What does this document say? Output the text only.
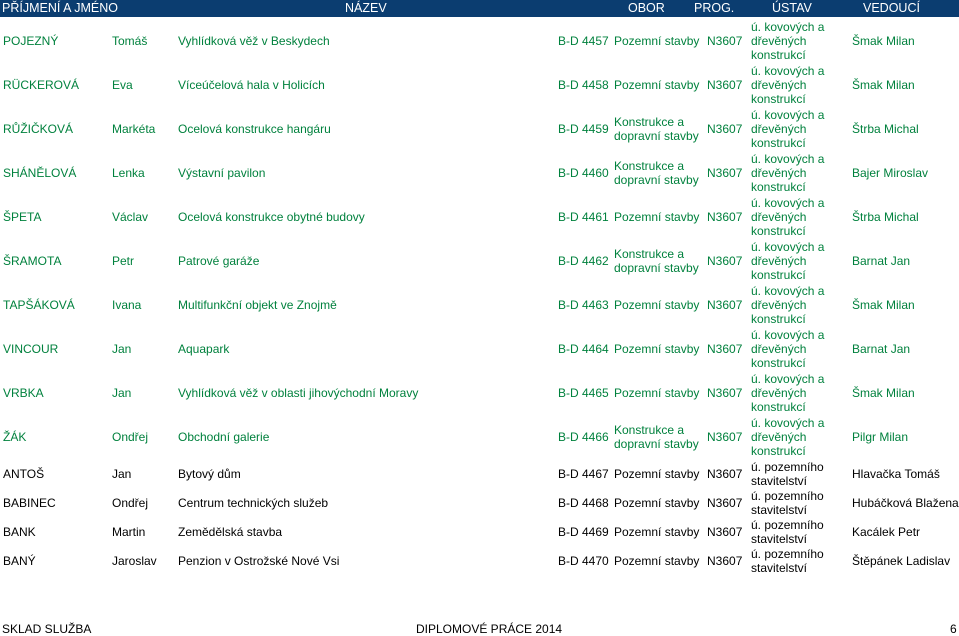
PŘÍJMENÍ A JMÉNO	NÁZEV	OBOR PROG.	ÚSTAV	VEDOUCÍ
POJEZNÝ	Tomáš	Vyhlídková věž v Beskydech	B-D 4457	Pozemní stavby	N3607	ú. kovových a dřevěných konstrukcí	Šmak Milan
RÜCKEROVÁ	Eva	Víceúčelová hala v Holicích	B-D 4458	Pozemní stavby	N3607	ú. kovových a dřevěných konstrukcí	Šmak Milan
RŮŽIČKOVÁ	Markéta	Ocelová konstrukce hangáru	B-D 4459	Konstrukce a dopravní stavby	N3607	ú. kovových a dřevěných konstrukcí	Štrba Michal
SHÁNĚLOVÁ	Lenka	Výstavní pavilon	B-D 4460	Konstrukce a dopravní stavby	N3607	ú. kovových a dřevěných konstrukcí	Bajer Miroslav
ŠPETA	Václav	Ocelová konstrukce obytné budovy	B-D 4461	Pozemní stavby	N3607	ú. kovových a dřevěných konstrukcí	Štrba Michal
ŠRAMOTA	Petr	Patrové garáže	B-D 4462	Konstrukce a dopravní stavby	N3607	ú. kovových a dřevěných konstrukcí	Barnat Jan
TAPŠÁKOVÁ	Ivana	Multifunkční objekt ve Znojmě	B-D 4463	Pozemní stavby	N3607	ú. kovových a dřevěných konstrukcí	Šmak Milan
VINCOUR	Jan	Aquapark	B-D 4464	Pozemní stavby	N3607	ú. kovových a dřevěných konstrukcí	Barnat Jan
VRBKA	Jan	Vyhlídková věž v oblasti jihovýchodní Moravy	B-D 4465	Pozemní stavby	N3607	ú. kovových a dřevěných konstrukcí	Šmak Milan
ŽÁK	Ondřej	Obchodní galerie	B-D 4466	Konstrukce a dopravní stavby	N3607	ú. kovových a dřevěných konstrukcí	Pilgr Milan
ANTOŠ	Jan	Bytový dům	B-D 4467	Pozemní stavby	N3607	ú. pozemního stavitelství	Hlavačka Tomáš
BABINEC	Ondřej	Centrum technických služeb	B-D 4468	Pozemní stavby	N3607	ú. pozemního stavitelství	Hubáčková Blažena
BANK	Martin	Zemědělská stavba	B-D 4469	Pozemní stavby	N3607	ú. pozemního stavitelství	Kacálek Petr
BANÝ	Jaroslav	Penzion v Ostrožské Nové Vsi	B-D 4470	Pozemní stavby	N3607	ú. pozemního stavitelství	Štěpánek Ladislav
SKLAD SLUŽBA	DIPLOMOVÉ PRÁCE 2014	6
